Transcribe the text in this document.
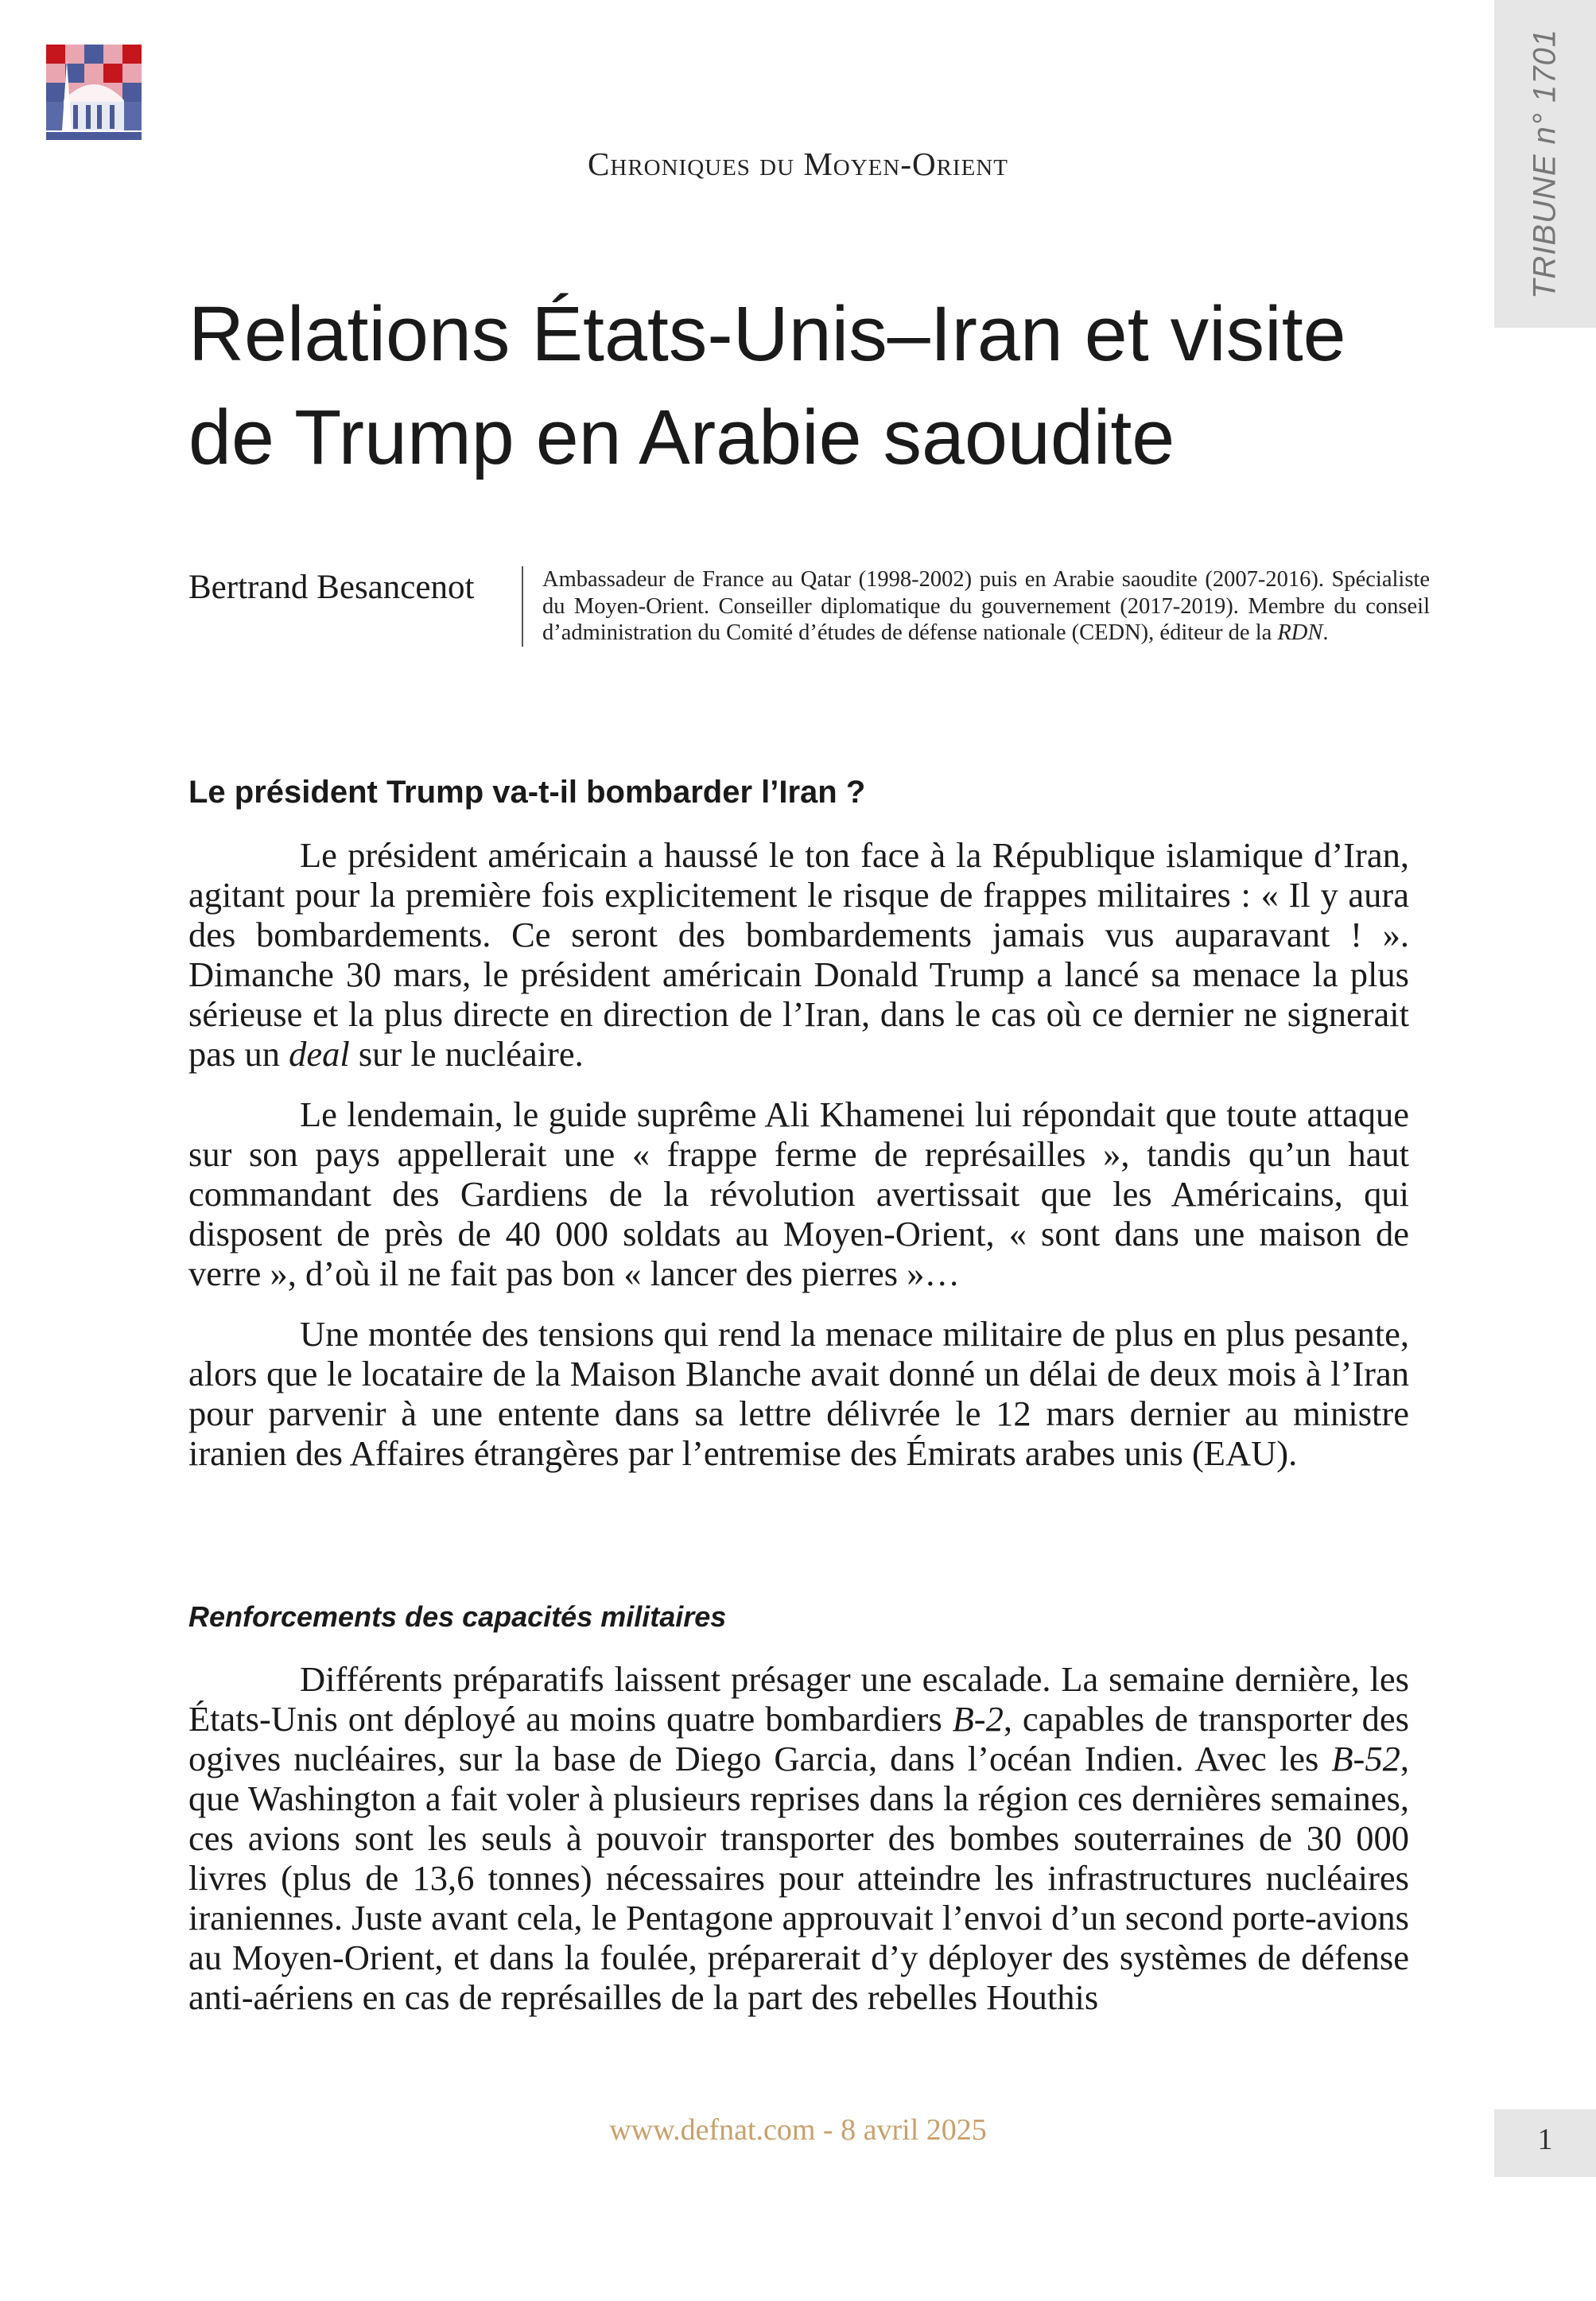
TRIBUNE n° 1701
Chroniques du Moyen-Orient
Relations États-Unis–Iran et visite de Trump en Arabie saoudite
Bertrand Besancenot	Ambassadeur de France au Qatar (1998-2002) puis en Arabie saoudite (2007-2016). Spécialiste du Moyen-Orient. Conseiller diplomatique du gouvernement (2017-2019). Membre du conseil d’administration du Comité d’études de défense nationale (CEDN), éditeur de la RDN.
Le président Trump va-t-il bombarder l’Iran ?

Le président américain a haussé le ton face à la République islamique d’Iran, agitant pour la première fois explicitement le risque de frappes militaires : « Il y aura des bombardements. Ce seront des bombardements jamais vus auparavant ! ». Dimanche 30 mars, le président américain Donald Trump a lancé sa menace la plus sérieuse et la plus directe en direction de l’Iran, dans le cas où ce dernier ne signerait pas un deal sur le nucléaire.

Le lendemain, le guide suprême Ali Khamenei lui répondait que toute attaque sur son pays appellerait une « frappe ferme de représailles », tandis qu’un haut commandant des Gardiens de la révolution avertissait que les Américains, qui disposent de près de 40 000 soldats au Moyen-Orient, « sont dans une maison de verre », d’où il ne fait pas bon « lancer des pierres »…

Une montée des tensions qui rend la menace militaire de plus en plus pesante, alors que le locataire de la Maison Blanche avait donné un délai de deux mois à l’Iran pour parvenir à une entente dans sa lettre délivrée le 12 mars dernier au ministre iranien des Affaires étrangères par l’entremise des Émirats arabes unis (EAU).

Renforcements des capacités militaires

Différents préparatifs laissent présager une escalade. La semaine dernière, les États-Unis ont déployé au moins quatre bombardiers B-2, capables de transporter des ogives nucléaires, sur la base de Diego Garcia, dans l’océan Indien. Avec les B-52, que Washington a fait voler à plusieurs reprises dans la région ces dernières semaines, ces avions sont les seuls à pouvoir transporter des bombes souterraines de 30 000 livres (plus de 13,6 tonnes) nécessaires pour atteindre les infrastructures nucléaires iraniennes. Juste avant cela, le Pentagone approuvait l’envoi d’un second porte-avions au Moyen-Orient, et dans la foulée, préparerait d’y déployer des systèmes de défense anti-aériens en cas de représailles de la part des rebelles Houthis

www.defnat.com - 8 avril 2025	1
